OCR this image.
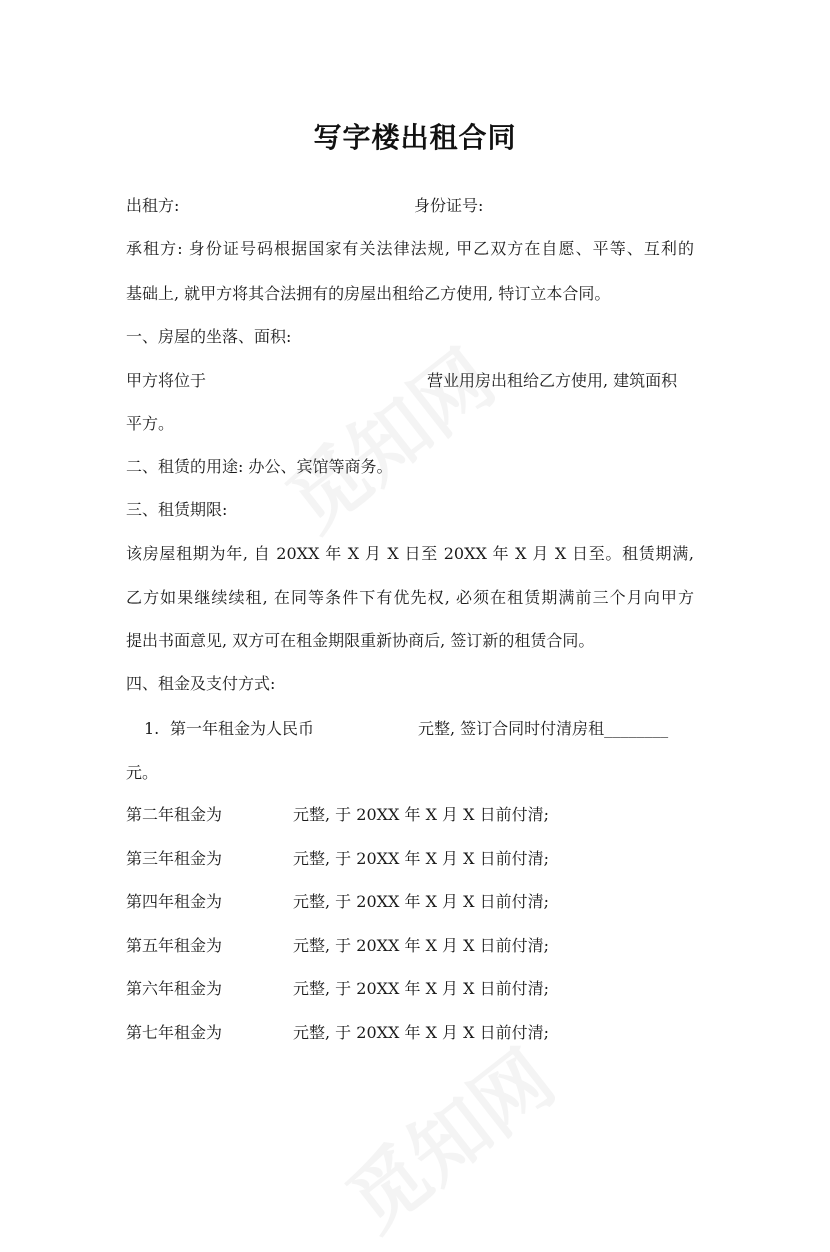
写字楼出租合同
出租方:	身份证号:
承租方: 身份证号码根据国家有关法律法规, 甲乙双方在自愿、平等、互利的
基础上, 就甲方将其合法拥有的房屋出租给乙方使用, 特订立本合同。
一、房屋的坐落、面积:
甲方将位于	营业用房出租给乙方使用, 建筑面积
平方。
二、租赁的用途: 办公、宾馆等商务。
三、租赁期限:
该房屋租期为年, 自 20XX 年 X 月 X 日至 20XX 年 X 月 X 日至。租赁期满,
乙方如果继续续租, 在同等条件下有优先权, 必须在租赁期满前三个月向甲方
提出书面意见, 双方可在租金期限重新协商后, 签订新的租赁合同。
四、租金及支付方式:
1. 第一年租金为人民币	元整, 签订合同时付清房租________
元。
第二年租金为	元整, 于 20XX 年 X 月 X 日前付清;
第三年租金为	元整, 于 20XX 年 X 月 X 日前付清;
第四年租金为	元整, 于 20XX 年 X 月 X 日前付清;
第五年租金为	元整, 于 20XX 年 X 月 X 日前付清;
第六年租金为	元整, 于 20XX 年 X 月 X 日前付清;
第七年租金为	元整, 于 20XX 年 X 月 X 日前付清;
